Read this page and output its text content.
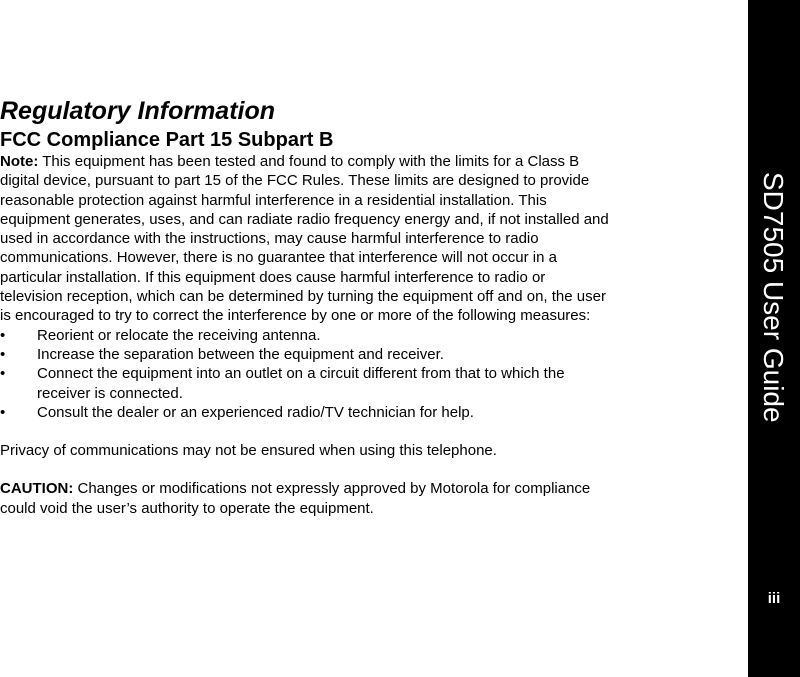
Regulatory Information
FCC Compliance Part 15 Subpart B

Note: This equipment has been tested and found to comply with the limits for a Class B
digital device, pursuant to part 15 of the FCC Rules. These limits are designed to provide
reasonable protection against harmful interference in a residential installation. This
equipment generates, uses, and can radiate radio frequency energy and, if not installed and
used in accordance with the instructions, may cause harmful interference to radio
communications. However, there is no guarantee that interference will not occur in a
particular installation. If this equipment does cause harmful interference to radio or
television reception, which can be determined by turning the equipment off and on, the user
is encouraged to try to correct the interference by one or more of the following measures:

•	Reorient or relocate the receiving antenna.
•	Increase the separation between the equipment and receiver.
•	Connect the equipment into an outlet on a circuit different from that to which the
receiver is connected.
•	Consult the dealer or an experienced radio/TV technician for help.

Privacy of communications may not be ensured when using this telephone.

CAUTION: Changes or modifications not expressly approved by Motorola for compliance
could void the user’s authority to operate the equipment.

SD7505 User Guide
iii
